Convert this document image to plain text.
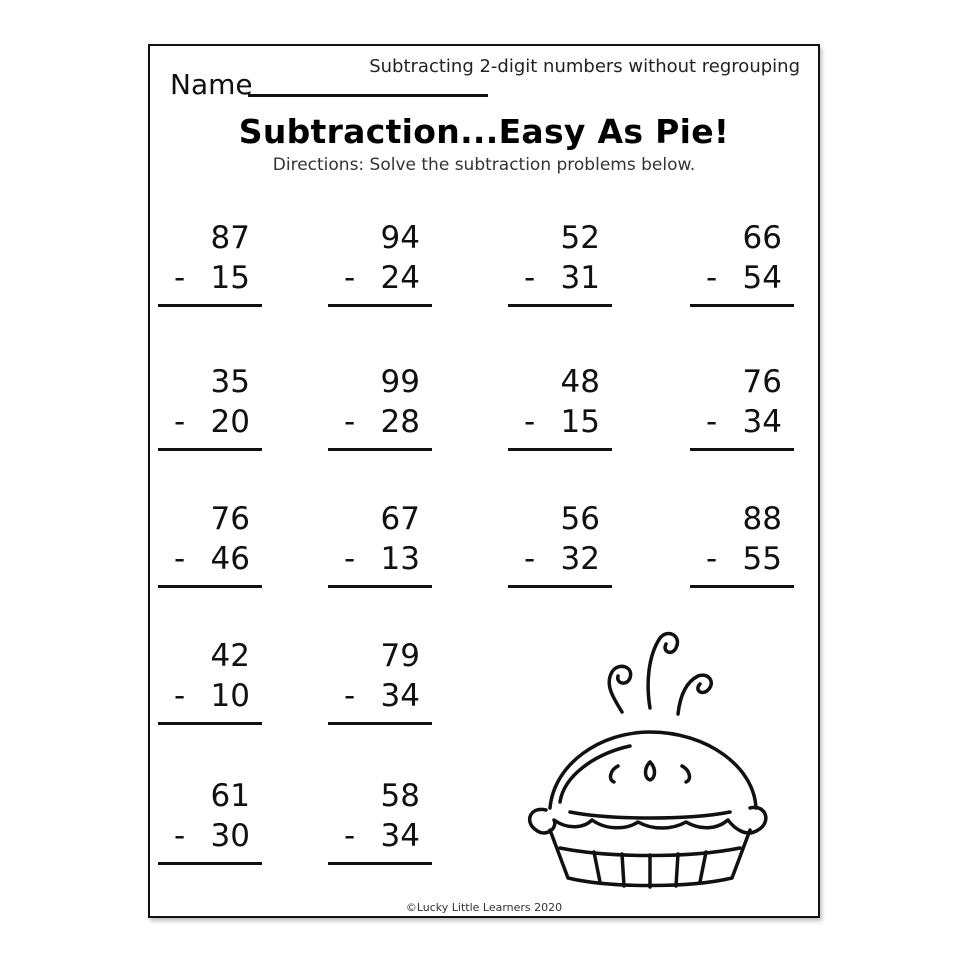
Subtracting 2-digit numbers without regrouping
Name
Subtraction...Easy As Pie!
Directions: Solve the subtraction problems below.
87
- 15
94
- 24
52
- 31
66
- 54
35
- 20
99
- 28
48
- 15
76
- 34
76
- 46
67
- 13
56
- 32
88
- 55
42
- 10
79
- 34
61
- 30
58
- 34
©Lucky Little Learners 2020
